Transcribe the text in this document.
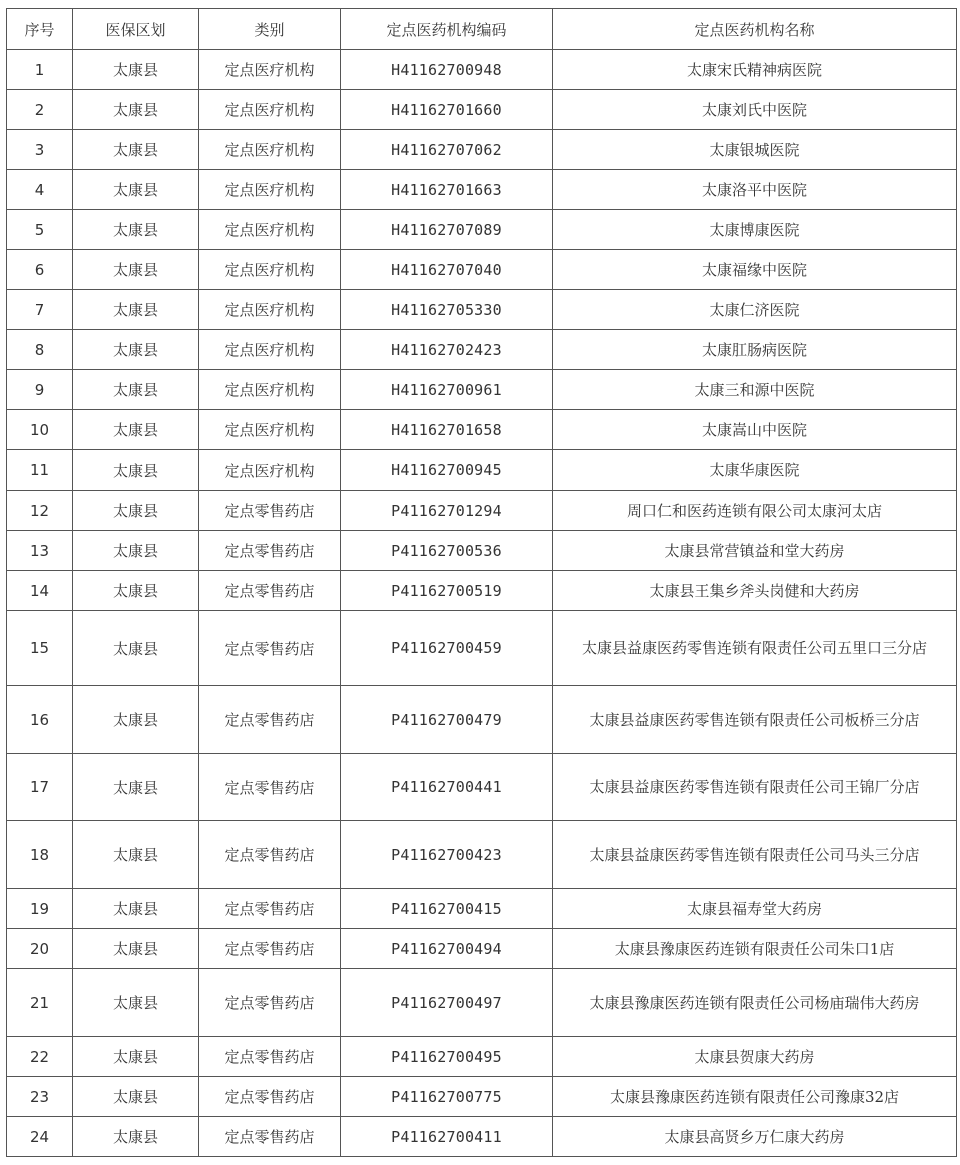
序号	医保区划	类别	定点医药机构编码	定点医药机构名称
1	太康县	定点医疗机构	H41162700948	太康宋氏精神病医院
2	太康县	定点医疗机构	H41162701660	太康刘氏中医院
3	太康县	定点医疗机构	H41162707062	太康银城医院
4	太康县	定点医疗机构	H41162701663	太康洛平中医院
5	太康县	定点医疗机构	H41162707089	太康博康医院
6	太康县	定点医疗机构	H41162707040	太康福缘中医院
7	太康县	定点医疗机构	H41162705330	太康仁济医院
8	太康县	定点医疗机构	H41162702423	太康肛肠病医院
9	太康县	定点医疗机构	H41162700961	太康三和源中医院
10	太康县	定点医疗机构	H41162701658	太康嵩山中医院
11	太康县	定点医疗机构	H41162700945	太康华康医院
12	太康县	定点零售药店	P41162701294	周口仁和医药连锁有限公司太康河太店
13	太康县	定点零售药店	P41162700536	太康县常营镇益和堂大药房
14	太康县	定点零售药店	P41162700519	太康县王集乡斧头岗健和大药房
15	太康县	定点零售药店	P41162700459	太康县益康医药零售连锁有限责任公司五里口三分店
16	太康县	定点零售药店	P41162700479	太康县益康医药零售连锁有限责任公司板桥三分店
17	太康县	定点零售药店	P41162700441	太康县益康医药零售连锁有限责任公司王锦厂分店
18	太康县	定点零售药店	P41162700423	太康县益康医药零售连锁有限责任公司马头三分店
19	太康县	定点零售药店	P41162700415	太康县福寿堂大药房
20	太康县	定点零售药店	P41162700494	太康县豫康医药连锁有限责任公司朱口1店
21	太康县	定点零售药店	P41162700497	太康县豫康医药连锁有限责任公司杨庙瑞伟大药房
22	太康县	定点零售药店	P41162700495	太康县贺康大药房
23	太康县	定点零售药店	P41162700775	太康县豫康医药连锁有限责任公司豫康32店
24	太康县	定点零售药店	P41162700411	太康县高贤乡万仁康大药房
